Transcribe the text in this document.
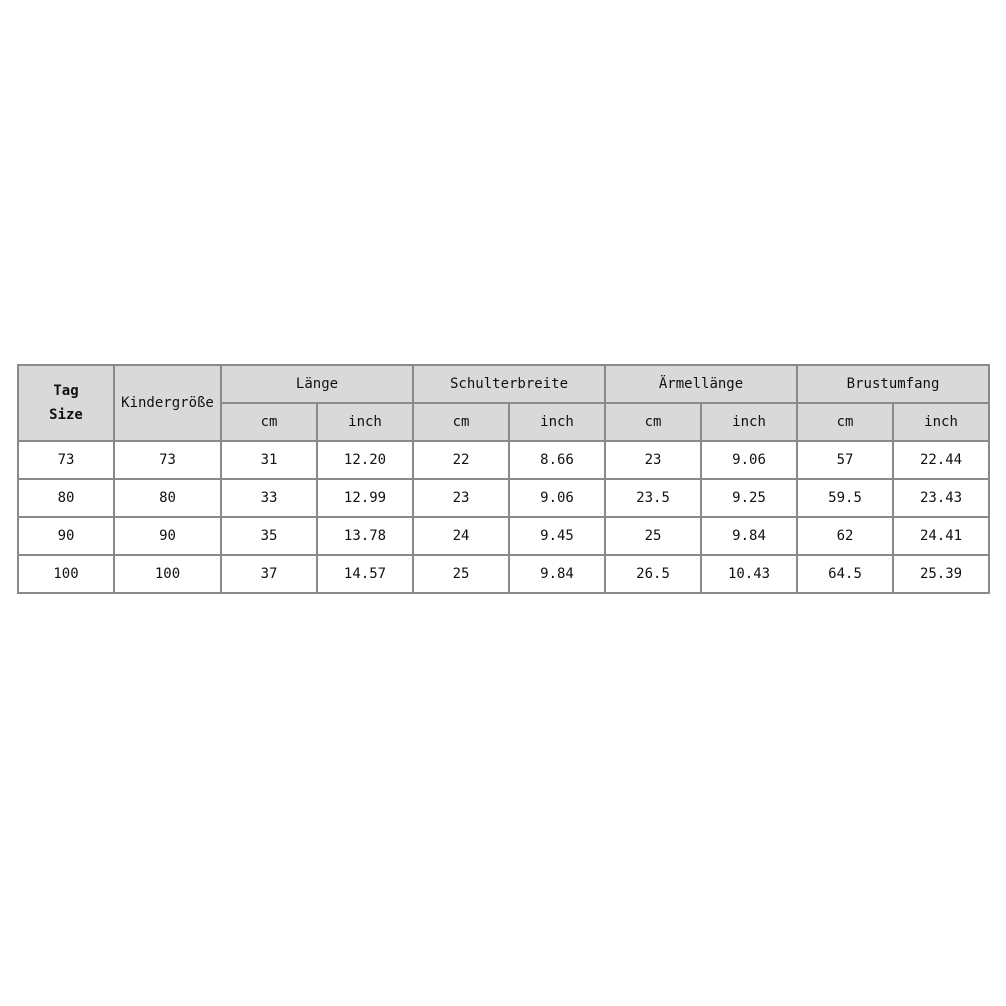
Tag
Size	Kindergröße	Länge		Schulterbreite		Ärmellänge		Brustumfang	
		cm	inch	cm	inch	cm	inch	cm	inch
73	73	31	12.20	22	8.66	23	9.06	57	22.44
80	80	33	12.99	23	9.06	23.5	9.25	59.5	23.43
90	90	35	13.78	24	9.45	25	9.84	62	24.41
100	100	37	14.57	25	9.84	26.5	10.43	64.5	25.39
